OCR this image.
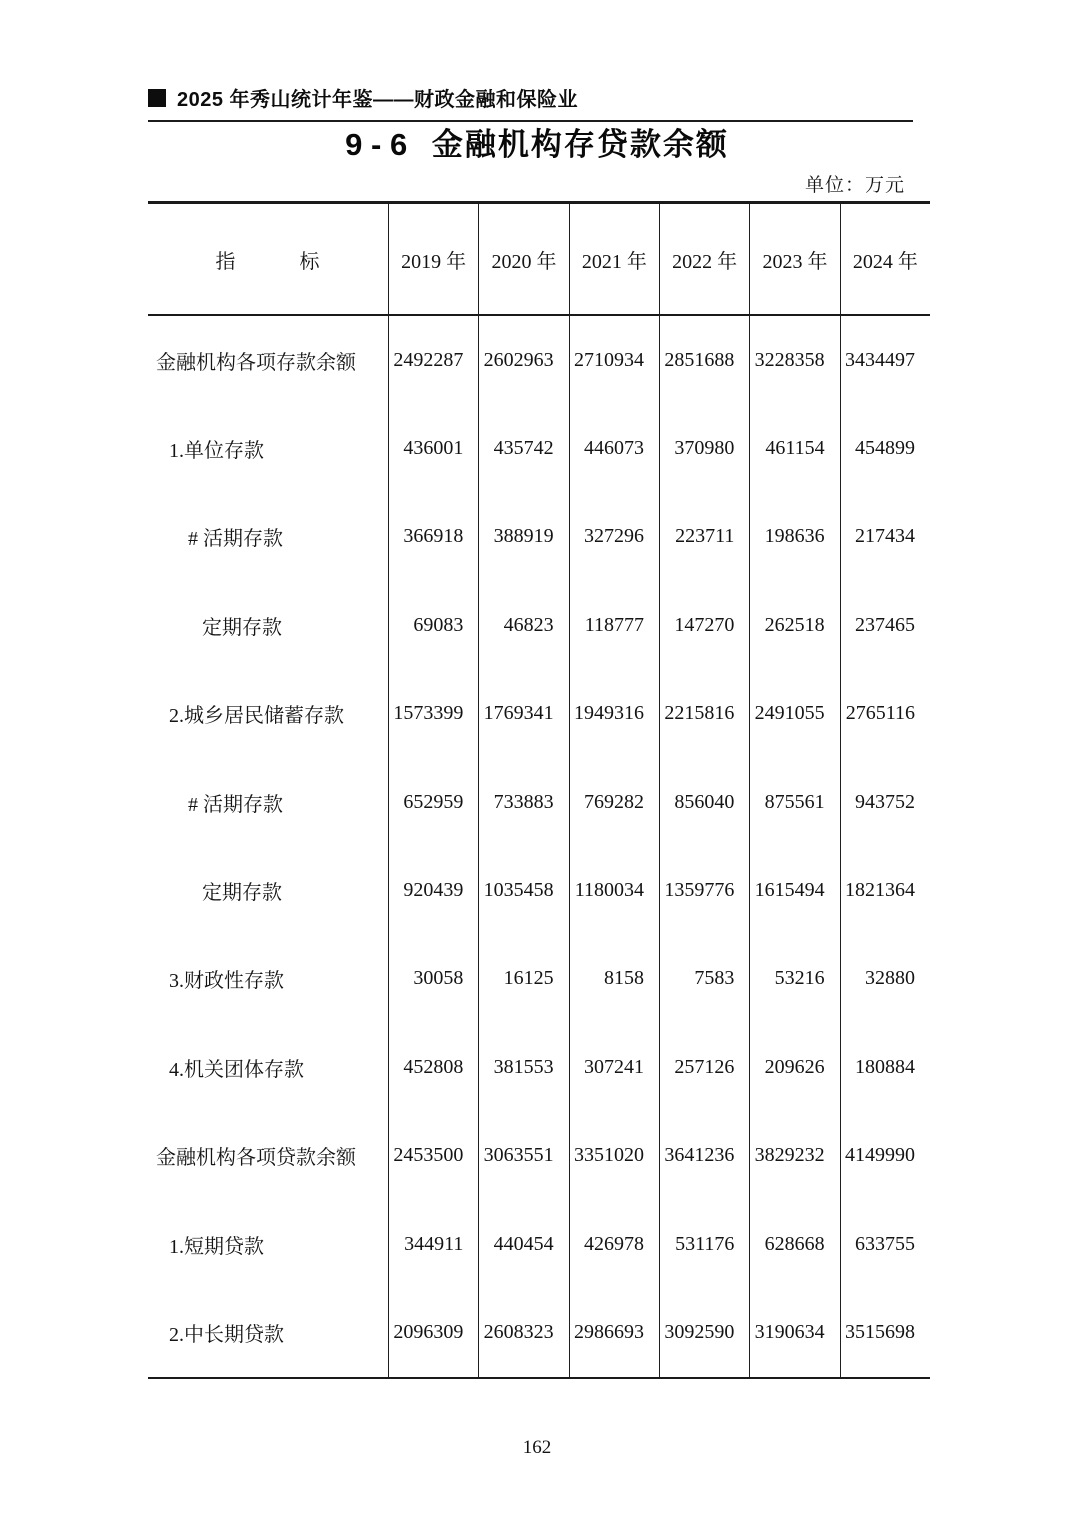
2025 年秀山统计年鉴——财政金融和保险业
9 - 6 金融机构存贷款余额
单位：万元
指　　　标	2019 年	2020 年	2021 年	2022 年	2023 年	2024 年
金融机构各项存款余额	2492287	2602963	2710934	2851688	3228358	3434497
1.单位存款	436001	435742	446073	370980	461154	454899
# 活期存款	366918	388919	327296	223711	198636	217434
定期存款	69083	46823	118777	147270	262518	237465
2.城乡居民储蓄存款	1573399	1769341	1949316	2215816	2491055	2765116
# 活期存款	652959	733883	769282	856040	875561	943752
定期存款	920439	1035458	1180034	1359776	1615494	1821364
3.财政性存款	30058	16125	8158	7583	53216	32880
4.机关团体存款	452808	381553	307241	257126	209626	180884
金融机构各项贷款余额	2453500	3063551	3351020	3641236	3829232	4149990
1.短期贷款	344911	440454	426978	531176	628668	633755
2.中长期贷款	2096309	2608323	2986693	3092590	3190634	3515698
162
